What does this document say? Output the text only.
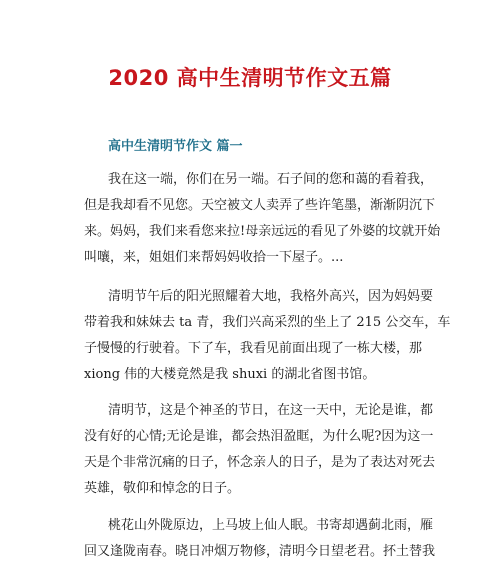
2020 高中生清明节作文五篇
高中生清明节作文 篇一
我在这一端，你们在另一端。石子间的您和蔼的看着我，
但是我却看不见您。天空被文人卖弄了些许笔墨，渐渐阴沉下
来。妈妈，我们来看您来拉!母亲远远的看见了外婆的坟就开始
叫嚷，来，姐姐们来帮妈妈收拾一下屋子。...
清明节午后的阳光照耀着大地，我格外高兴，因为妈妈要
带着我和妹妹去 ta 青，我们兴高采烈的坐上了 215 公交车，车
子慢慢的行驶着。下了车，我看见前面出现了一栋大楼，那
xiong 伟的大楼竟然是我 shuxi 的湖北省图书馆。
清明节，这是个神圣的节日，在这一天中，无论是谁，都
没有好的心情;无论是谁，都会热泪盈眶，为什么呢?因为这一
天是个非常沉痛的日子，怀念亲人的日子，是为了表达对死去
英雄，敬仰和悼念的日子。
桃花山外陇原边，上马坡上仙人眠。书寄却遇蓟北雨，雁
回又逢陇南春。晓日冲烟万物修，清明今日望老君。抔土替我
